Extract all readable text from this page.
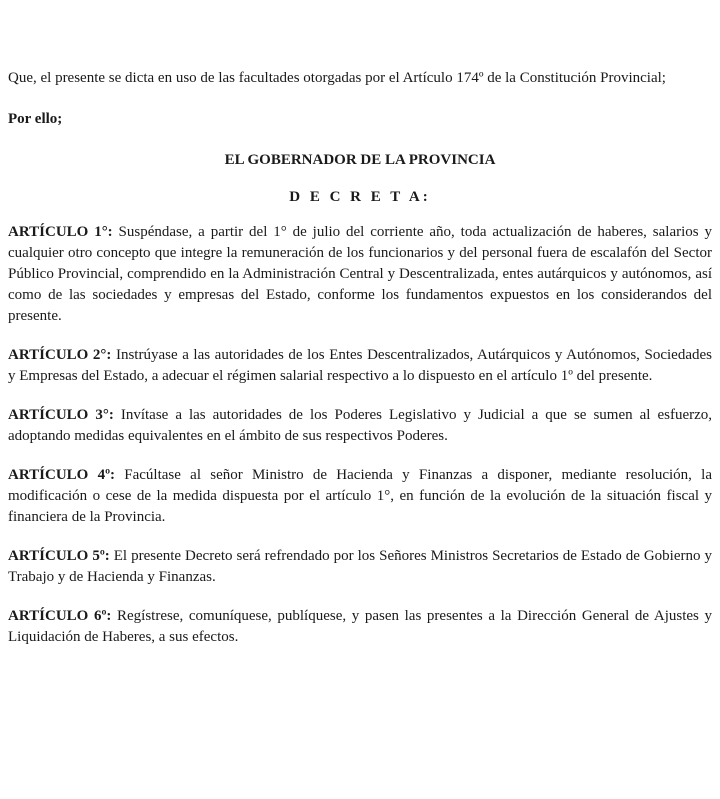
Que, el presente se dicta en uso de las facultades otorgadas por el Artículo 174º de la Constitución Provincial;

Por ello;

EL GOBERNADOR DE LA PROVINCIA

D E C R E T A:

ARTÍCULO 1°: Suspéndase, a partir del 1° de julio del corriente año, toda actualización de haberes, salarios y cualquier otro concepto que integre la remuneración de los funcionarios y del personal fuera de escalafón del Sector Público Provincial, comprendido en la Administración Central y Descentralizada, entes autárquicos y autónomos, así como de las sociedades y empresas del Estado, conforme los fundamentos expuestos en los considerandos del presente.

ARTÍCULO 2°: Instrúyase a las autoridades de los Entes Descentralizados, Autárquicos y Autónomos, Sociedades y Empresas del Estado, a adecuar el régimen salarial respectivo a lo dispuesto en el artículo 1º del presente.

ARTÍCULO 3°: Invítase a las autoridades de los Poderes Legislativo y Judicial a que se sumen al esfuerzo, adoptando medidas equivalentes en el ámbito de sus respectivos Poderes.

ARTÍCULO 4º: Facúltase al señor Ministro de Hacienda y Finanzas a disponer, mediante resolución, la modificación o cese de la medida dispuesta por el artículo 1°, en función de la evolución de la situación fiscal y financiera de la Provincia.

ARTÍCULO 5º: El presente Decreto será refrendado por los Señores Ministros Secretarios de Estado de Gobierno y Trabajo y de Hacienda y Finanzas.

ARTÍCULO 6º: Regístrese, comuníquese, publíquese, y pasen las presentes a la Dirección General de Ajustes y Liquidación de Haberes, a sus efectos.
